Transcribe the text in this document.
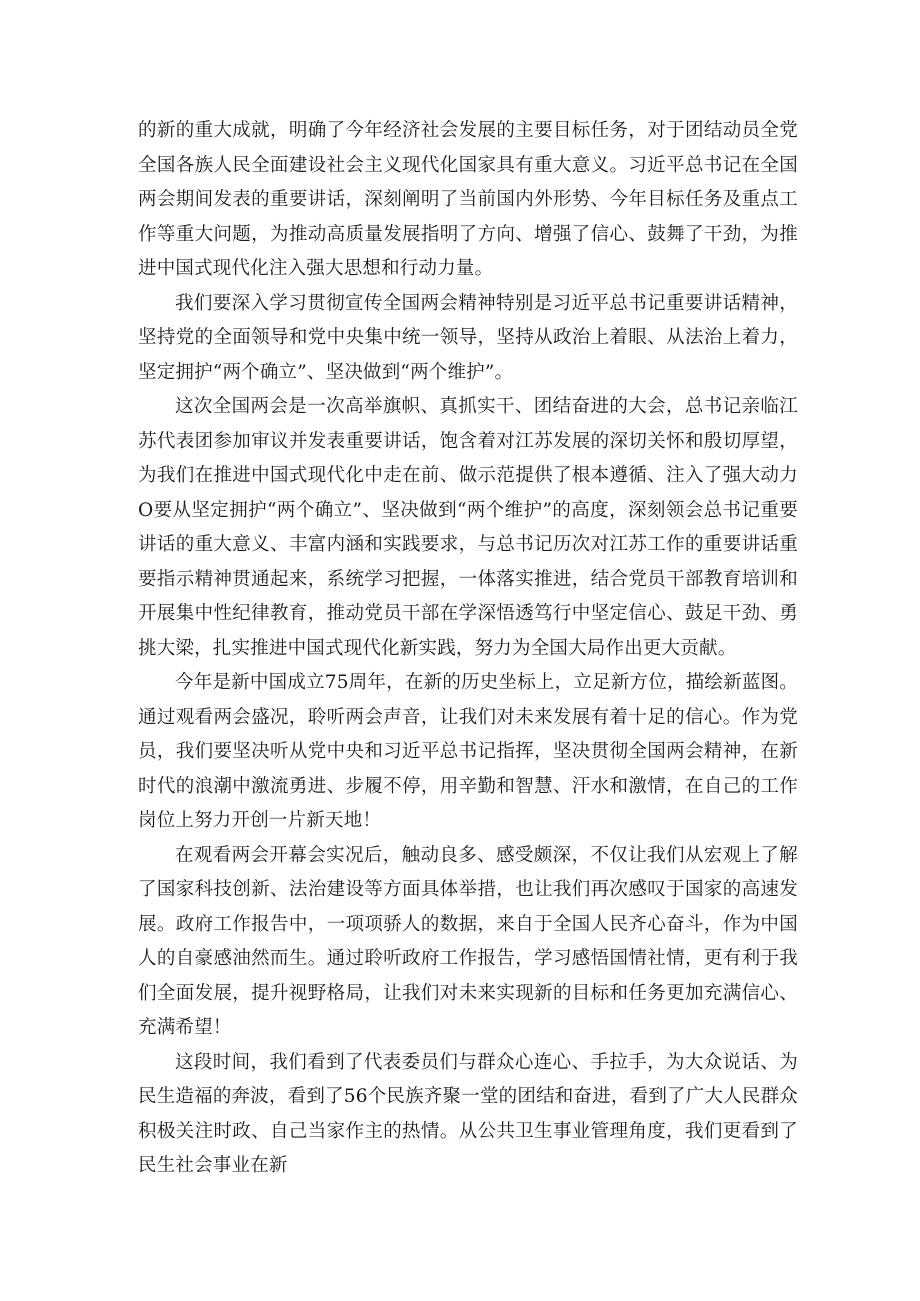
的新的重大成就，明确了今年经济社会发展的主要目标任务，对于团结动员全党全国各族人民全面建设社会主义现代化国家具有重大意义。习近平总书记在全国两会期间发表的重要讲话，深刻阐明了当前国内外形势、今年目标任务及重点工作等重大问题，为推动高质量发展指明了方向、增强了信心、鼓舞了干劲，为推进中国式现代化注入强大思想和行动力量。

我们要深入学习贯彻宣传全国两会精神特别是习近平总书记重要讲话精神，坚持党的全面领导和党中央集中统一领导，坚持从政治上着眼、从法治上着力，坚定拥护“两个确立”、坚决做到“两个维护”。

这次全国两会是一次高举旗帜、真抓实干、团结奋进的大会，总书记亲临江苏代表团参加审议并发表重要讲话，饱含着对江苏发展的深切关怀和殷切厚望，为我们在推进中国式现代化中走在前、做示范提供了根本遵循、注入了强大动力O要从坚定拥护“两个确立”、坚决做到“两个维护”的高度，深刻领会总书记重要讲话的重大意义、丰富内涵和实践要求，与总书记历次对江苏工作的重要讲话重要指示精神贯通起来，系统学习把握，一体落实推进，结合党员干部教育培训和开展集中性纪律教育，推动党员干部在学深悟透笃行中坚定信心、鼓足干劲、勇挑大梁，扎实推进中国式现代化新实践，努力为全国大局作出更大贡献。

今年是新中国成立75周年，在新的历史坐标上，立足新方位，描绘新蓝图。通过观看两会盛况，聆听两会声音，让我们对未来发展有着十足的信心。作为党员，我们要坚决听从党中央和习近平总书记指挥，坚决贯彻全国两会精神，在新时代的浪潮中激流勇进、步履不停，用辛勤和智慧、汗水和激情，在自己的工作岗位上努力开创一片新天地！

在观看两会开幕会实况后，触动良多、感受颇深，不仅让我们从宏观上了解了国家科技创新、法治建设等方面具体举措，也让我们再次感叹于国家的高速发展。政府工作报告中，一项项骄人的数据，来自于全国人民齐心奋斗，作为中国人的自豪感油然而生。通过聆听政府工作报告，学习感悟国情社情，更有利于我们全面发展，提升视野格局，让我们对未来实现新的目标和任务更加充满信心、充满希望！

这段时间，我们看到了代表委员们与群众心连心、手拉手，为大众说话、为民生造福的奔波，看到了56个民族齐聚一堂的团结和奋进，看到了广大人民群众积极关注时政、自己当家作主的热情。从公共卫生事业管理角度，我们更看到了民生社会事业在新
